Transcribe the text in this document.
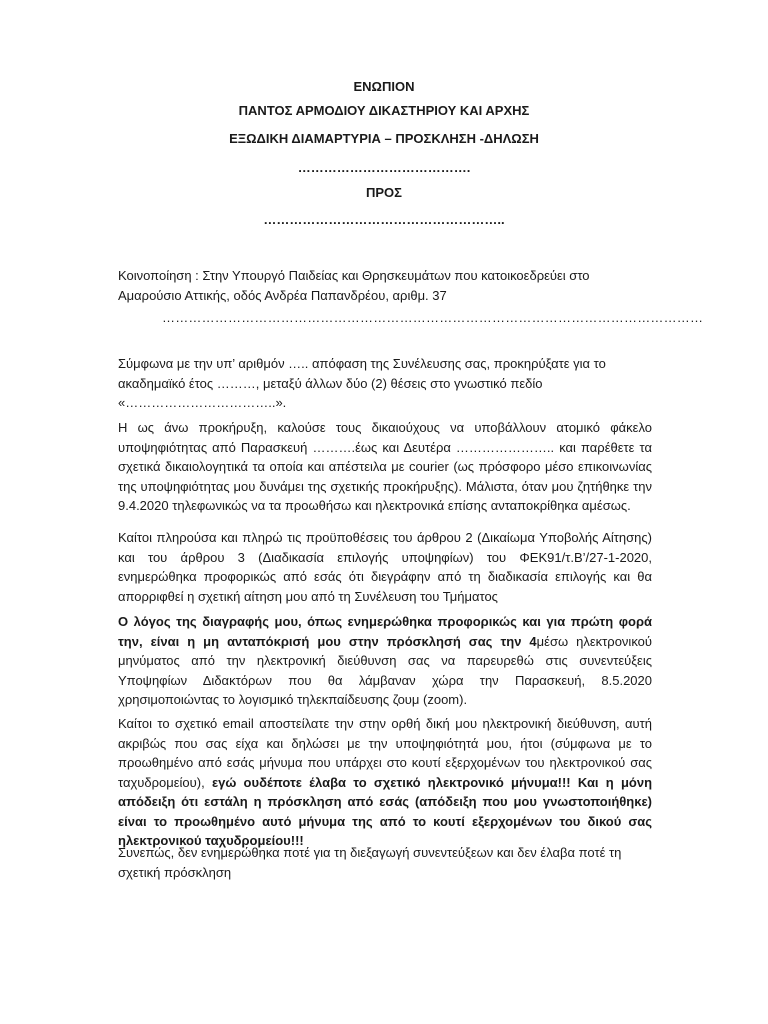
ΕΝΩΠΙΟΝ

ΠΑΝΤΟΣ ΑΡΜΟΔΙΟΥ ΔΙΚΑΣΤΗΡΙΟΥ ΚΑΙ ΑΡΧΗΣ

ΕΞΩΔΙΚΗ ΔΙΑΜΑΡΤΥΡΙΑ – ΠΡΟΣΚΛΗΣΗ -ΔΗΛΩΣΗ

………………………………….

ΠΡΟΣ

………………………………………………..

Κοινοποίηση : Στην Υπουργό Παιδείας και Θρησκευμάτων που κατοικοεδρεύει στο
Αμαρούσιο Αττικής, οδός Ανδρέα Παπανδρέου, αριθμ. 37

……………………………………………………………………………………………………………

Σύμφωνα με την υπ’ αριθμόν ….. απόφαση της Συνέλευσης σας, προκηρύξατε για το
ακαδημαϊκό έτος ………, μεταξύ άλλων δύο (2) θέσεις στο γνωστικό πεδίο
«……………………………..».

Η ως άνω προκήρυξη, καλούσε τους δικαιούχους να υποβάλλουν ατομικό φάκελο υποψηφιότητας από Παρασκευή ……….έως και Δευτέρα ………………….. και παρέθετε τα σχετικά δικαιολογητικά τα οποία και απέστειλα με courier (ως πρόσφορο μέσο επικοινωνίας της υποψηφιότητας μου δυνάμει της σχετικής προκήρυξης). Μάλιστα, όταν μου ζητήθηκε την 9.4.2020 τηλεφωνικώς να τα προωθήσω και ηλεκτρονικά επίσης ανταποκρίθηκα αμέσως.

Καίτοι πληρούσα και πληρώ τις προϋποθέσεις του άρθρου 2 (Δικαίωμα Υποβολής Αίτησης) και του άρθρου 3 (Διαδικασία επιλογής υποψηφίων) του ΦΕΚ91/τ.Β’/27-1-2020, ενημερώθηκα προφορικώς από εσάς ότι διεγράφην από τη διαδικασία επιλογής και θα απορριφθεί η σχετική αίτηση μου από τη Συνέλευση του Τμήματος

Ο λόγος της διαγραφής μου, όπως ενημερώθηκα προφορικώς και για πρώτη φορά την, είναι η μη ανταπόκρισή μου στην πρόσκλησή σας την 4μέσω ηλεκτρονικού μηνύματος από την ηλεκτρονική διεύθυνση σας να παρευρεθώ στις συνεντεύξεις Υποψηφίων Διδακτόρων που θα λάμβαναν χώρα την Παρασκευή, 8.5.2020 χρησιμοποιώντας το λογισμικό τηλεκπαίδευσης ζουμ (zoom).

Καίτοι το σχετικό email αποστείλατε την στην ορθή δική μου ηλεκτρονική διεύθυνση, αυτή ακριβώς που σας είχα και δηλώσει με την υποψηφιότητά μου, ήτοι (σύμφωνα με το προωθημένο από εσάς μήνυμα που υπάρχει στο κουτί εξερχομένων του ηλεκτρονικού σας ταχυδρομείου), εγώ ουδέποτε έλαβα το σχετικό ηλεκτρονικό μήνυμα!!! Και η μόνη απόδειξη ότι εστάλη η πρόσκληση από εσάς (απόδειξη που μου γνωστοποιήθηκε) είναι το προωθημένο αυτό μήνυμα της από το κουτί εξερχομένων του δικού σας ηλεκτρονικού ταχυδρομείου!!!

Συνεπώς, δεν ενημερώθηκα ποτέ για τη διεξαγωγή συνεντεύξεων και δεν έλαβα ποτέ τη σχετική πρόσκληση
